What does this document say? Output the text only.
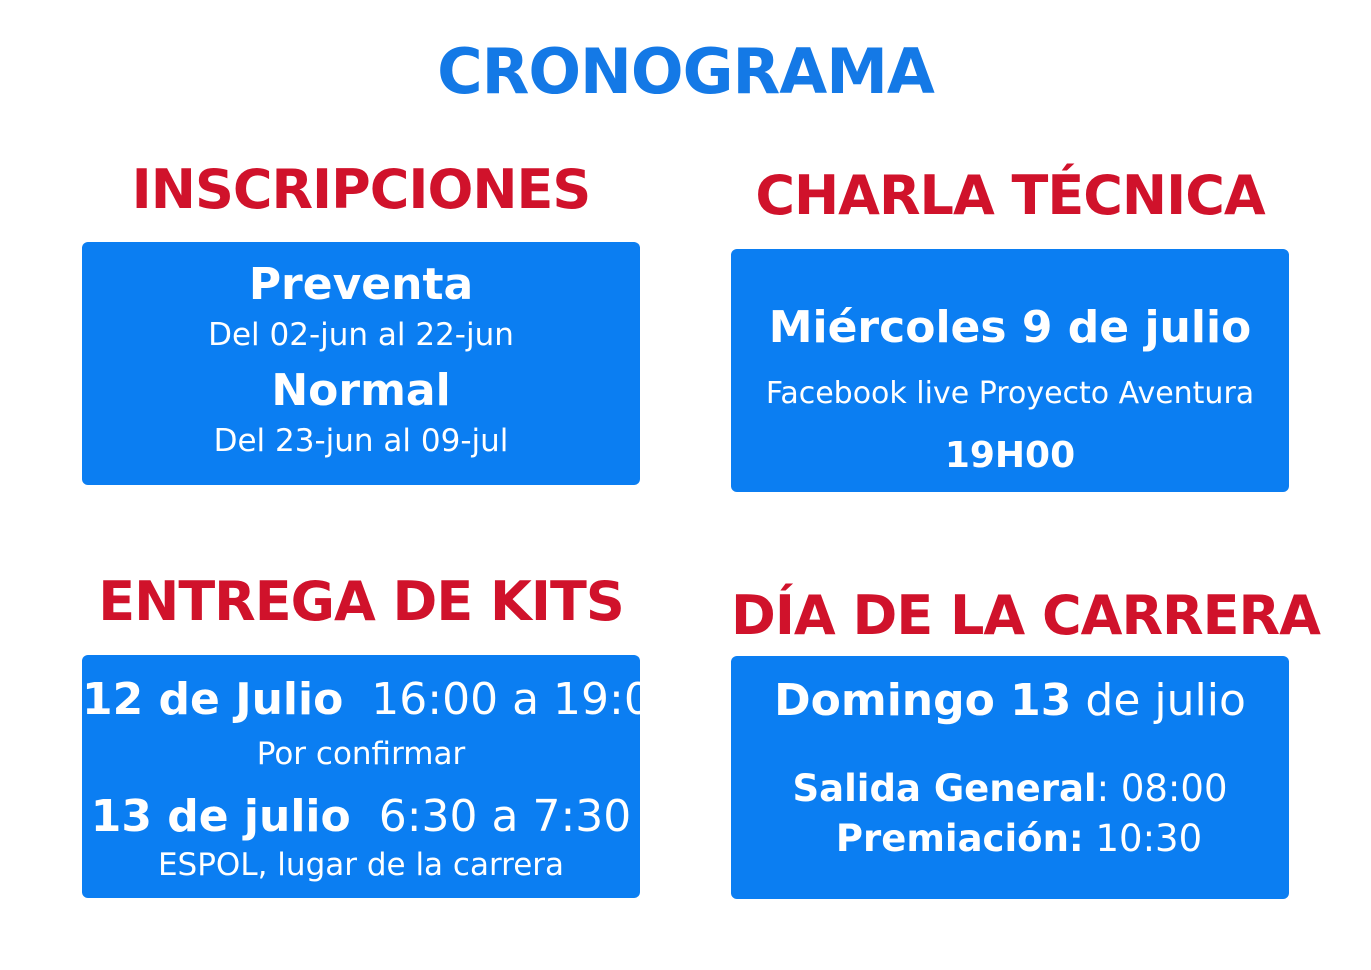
CRONOGRAMA
INSCRIPCIONES
Preventa
Del 02-jun al 22-jun
Normal
Del 23-jun al 09-jul
CHARLA TÉCNICA
Miércoles 9 de julio
Facebook live Proyecto Aventura
19H00
ENTREGA DE KITS
12 de Julio 16:00 a 19:00
Por confirmar
13 de julio 6:30 a 7:30
ESPOL, lugar de la carrera
DÍA DE LA CARRERA
Domingo 13 de julio
Salida General: 08:00
Premiación: 10:30
